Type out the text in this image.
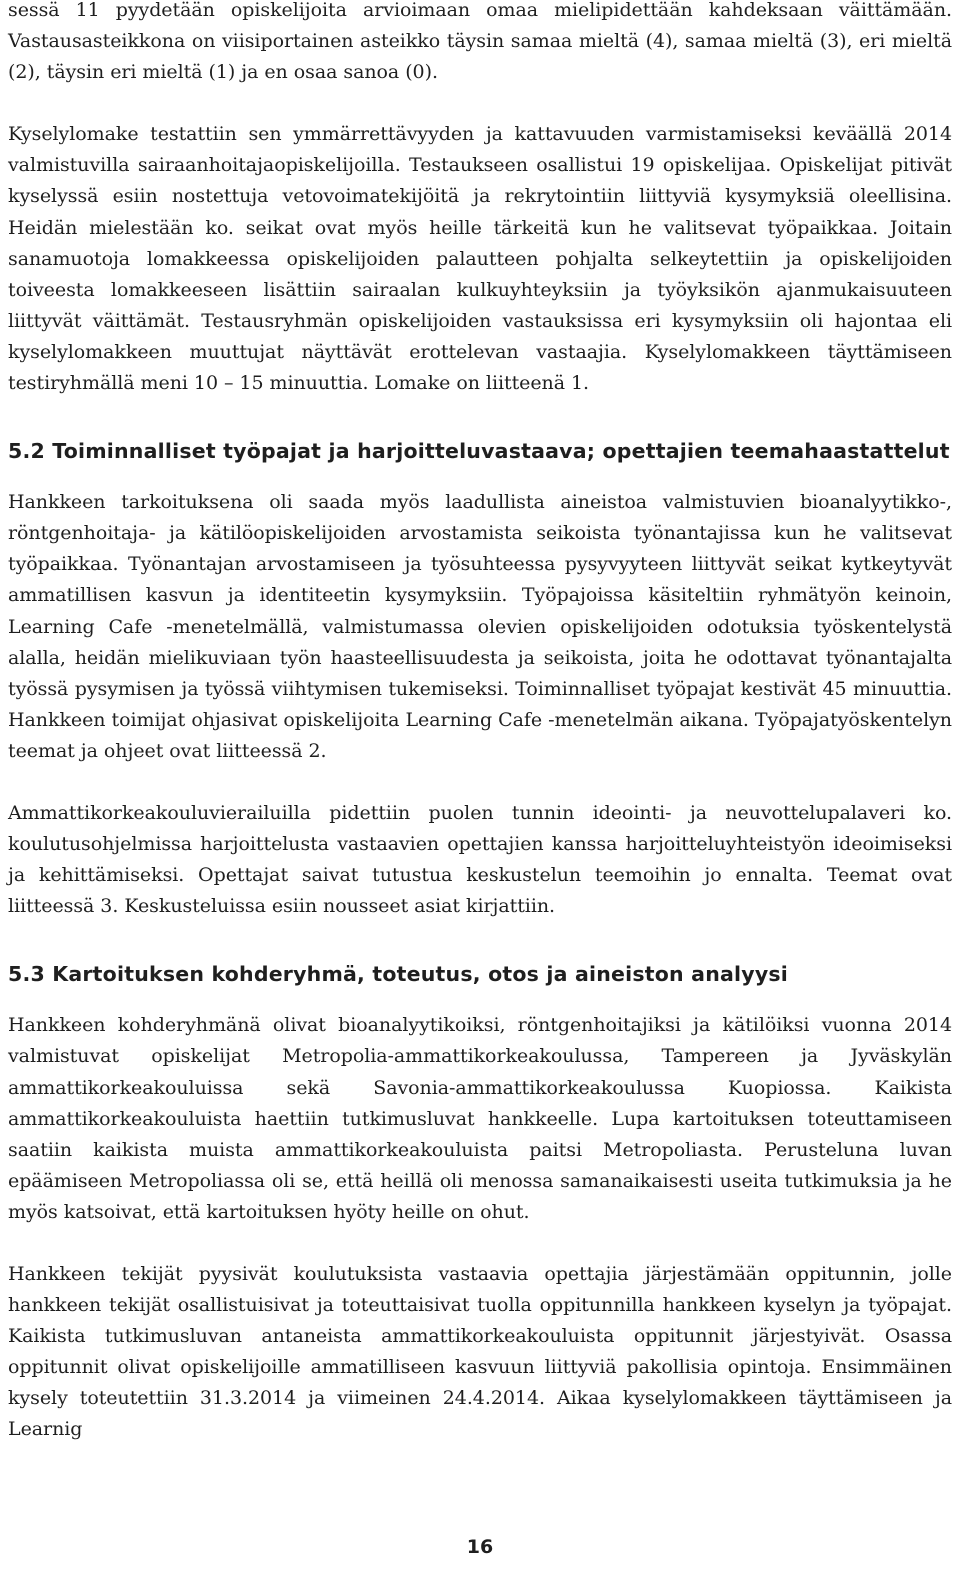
sessä 11 pyydetään opiskelijoita arvioimaan omaa mielipidettään kahdeksaan väittämään. Vastausasteikkona on viisiportainen asteikko täysin samaa mieltä (4), samaa mieltä (3), eri mieltä (2), täysin eri mieltä (1) ja en osaa sanoa (0).

Kyselylomake testattiin sen ymmärrettävyyden ja kattavuuden varmistamiseksi keväällä 2014 valmistuvilla sairaanhoitajaopiskelijoilla. Testaukseen osallistui 19 opiskelijaa. Opiskelijat pitivät kyselyssä esiin nostettuja vetovoimatekijöitä ja rekrytointiin liittyviä kysymyksiä oleellisina. Heidän mielestään ko. seikat ovat myös heille tärkeitä kun he valitsevat työpaikkaa. Joitain sanamuotoja lomakkeessa opiskelijoiden palautteen pohjalta selkeytettiin ja opiskelijoiden toiveesta lomakkeeseen lisättiin sairaalan kulkuyhteyksiin ja työyksikön ajanmukaisuuteen liittyvät väittämät. Testausryhmän opiskelijoiden vastauksissa eri kysymyksiin oli hajontaa eli kyselylomakkeen muuttujat näyttävät erottelevan vastaajia. Kyselylomakkeen täyttämiseen testiryhmällä meni 10 – 15 minuuttia. Lomake on liitteenä 1.

5.2 Toiminnalliset työpajat ja harjoitteluvastaava; opettajien teemahaastattelut

Hankkeen tarkoituksena oli saada myös laadullista aineistoa valmistuvien bioanalyytikko-, röntgenhoitaja- ja kätilöopiskelijoiden arvostamista seikoista työnantajissa kun he valitsevat työpaikkaa. Työnantajan arvostamiseen ja työsuhteessa pysyvyyteen liittyvät seikat kytkeytyvät ammatillisen kasvun ja identiteetin kysymyksiin. Työpajoissa käsiteltiin ryhmätyön keinoin, Learning Cafe -menetelmällä, valmistumassa olevien opiskelijoiden odotuksia työskentelystä alalla, heidän mielikuviaan työn haasteellisuudesta ja seikoista, joita he odottavat työnantajalta työssä pysymisen ja työssä viihtymisen tukemiseksi. Toiminnalliset työpajat kestivät 45 minuuttia. Hankkeen toimijat ohjasivat opiskelijoita Learning Cafe -menetelmän aikana. Työpajatyöskentelyn teemat ja ohjeet ovat liitteessä 2.

Ammattikorkeakouluvierailuilla pidettiin puolen tunnin ideointi- ja neuvottelupalaveri ko. koulutusohjelmissa harjoittelusta vastaavien opettajien kanssa harjoitteluyhteistyön ideoimiseksi ja kehittämiseksi. Opettajat saivat tutustua keskustelun teemoihin jo ennalta. Teemat ovat liitteessä 3. Keskusteluissa esiin nousseet asiat kirjattiin.

5.3 Kartoituksen kohderyhmä, toteutus, otos ja aineiston analyysi

Hankkeen kohderyhmänä olivat bioanalyytikoiksi, röntgenhoitajiksi ja kätilöiksi vuonna 2014 valmistuvat opiskelijat Metropolia-ammattikorkeakoulussa, Tampereen ja Jyväskylän ammattikorkeakouluissa sekä Savonia-ammattikorkeakoulussa Kuopiossa. Kaikista ammattikorkeakouluista haettiin tutkimusluvat hankkeelle. Lupa kartoituksen toteuttamiseen saatiin kaikista muista ammattikorkeakouluista paitsi Metropoliasta. Perusteluna luvan epäämiseen Metropoliassa oli se, että heillä oli menossa samanaikaisesti useita tutkimuksia ja he myös katsoivat, että kartoituksen hyöty heille on ohut.

Hankkeen tekijät pyysivät koulutuksista vastaavia opettajia järjestämään oppitunnin, jolle hankkeen tekijät osallistuisivat ja toteuttaisivat tuolla oppitunnilla hankkeen kyselyn ja työpajat. Kaikista tutkimusluvan antaneista ammattikorkeakouluista oppitunnit järjestyivät. Osassa oppitunnit olivat opiskelijoille ammatilliseen kasvuun liittyviä pakollisia opintoja. Ensimmäinen kysely toteutettiin 31.3.2014 ja viimeinen 24.4.2014. Aikaa kyselylomakkeen täyttämiseen ja Learnig

16
